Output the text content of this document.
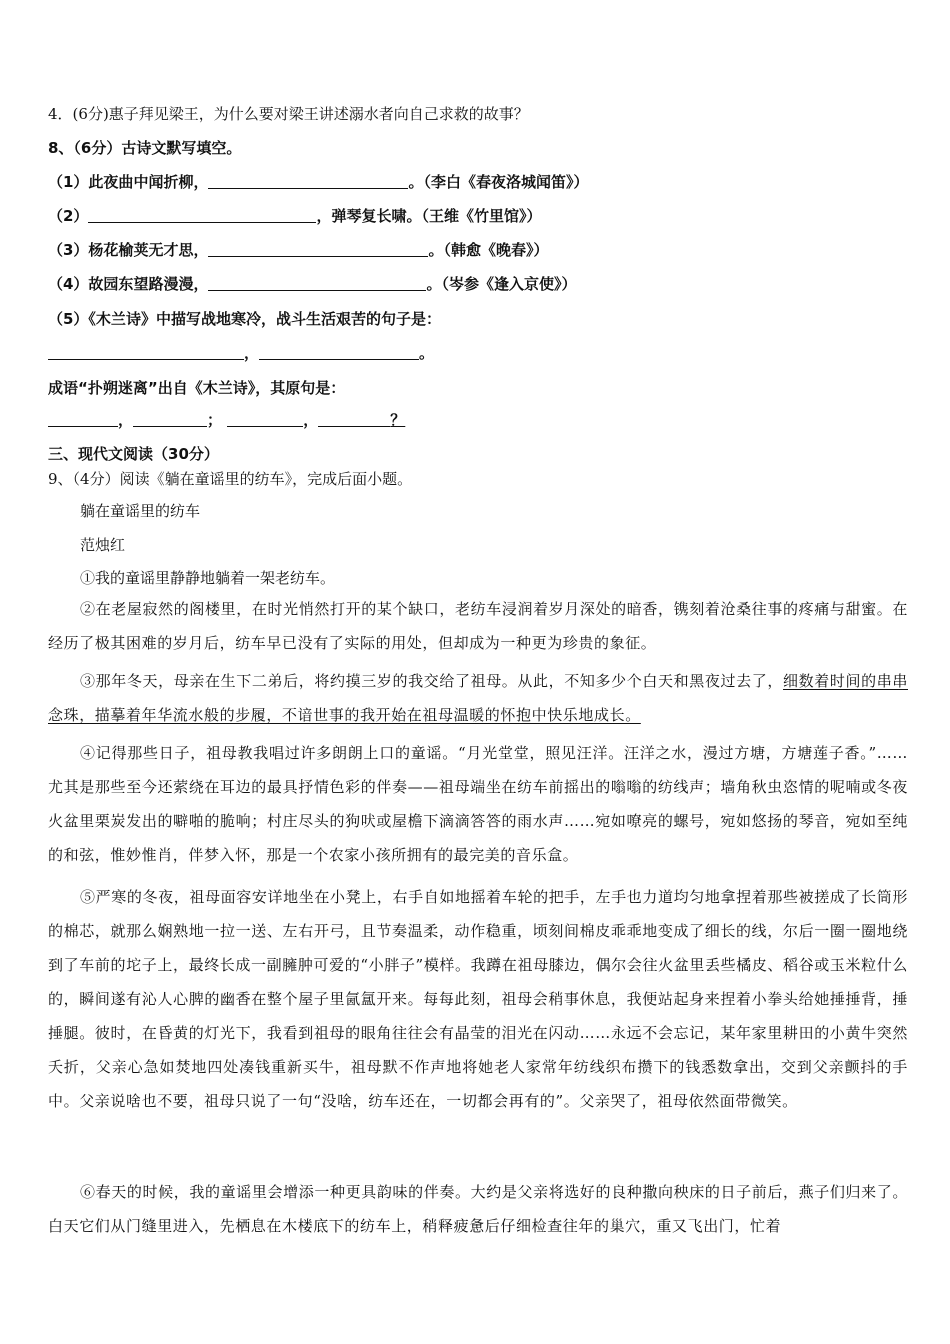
4．(6分)惠子拜见梁王，为什么要对梁王讲述溺水者向自己求救的故事？
8、（6分）古诗文默写填空。
（1）此夜曲中闻折柳，	。（李白《春夜洛城闻笛》）
（2）	，弹琴复长啸。（王维《竹里馆》）
（3）杨花榆荚无才思，	。（韩愈《晚春》）
（4）故园东望路漫漫，	。（岑参《逢入京使》）
（5）《木兰诗》中描写战地寒冷，战斗生活艰苦的句子是：
，	。
成语“扑朔迷离”出自《木兰诗》，其原句是：
，	；	，	？
三、现代文阅读（30分）
9、（4分）阅读《躺在童谣里的纺车》，完成后面小题。
躺在童谣里的纺车
范烛红
①我的童谣里静静地躺着一架老纺车。
②在老屋寂然的阁楼里，在时光悄然打开的某个缺口，老纺车浸润着岁月深处的暗香，镌刻着沧桑往事的疼痛与甜蜜。在经历了极其困难的岁月后，纺车早已没有了实际的用处，但却成为一种更为珍贵的象征。
③那年冬天，母亲在生下二弟后，将约摸三岁的我交给了祖母。从此，不知多少个白天和黑夜过去了，细数着时间的串串念珠，描摹着年华流水般的步履，不谙世事的我开始在祖母温暖的怀抱中快乐地成长。
④记得那些日子，祖母教我唱过许多朗朗上口的童谣。“月光堂堂，照见汪洋。汪洋之水，漫过方塘，方塘莲子香。”……尤其是那些至今还萦绕在耳边的最具抒情色彩的伴奏——祖母端坐在纺车前摇出的嗡嗡的纺线声；墙角秋虫恣情的呢喃或冬夜火盆里栗炭发出的噼啪的脆响；村庄尽头的狗吠或屋檐下滴滴答答的雨水声……宛如嘹亮的螺号，宛如悠扬的琴音，宛如至纯的和弦，惟妙惟肖，伴梦入怀，那是一个农家小孩所拥有的最完美的音乐盒。
⑤严寒的冬夜，祖母面容安详地坐在小凳上，右手自如地摇着车轮的把手，左手也力道均匀地拿捏着那些被搓成了长筒形的棉芯，就那么娴熟地一拉一送、左右开弓，且节奏温柔，动作稳重，顷刻间棉皮乖乖地变成了细长的线，尔后一圈一圈地绕到了车前的坨子上，最终长成一副臃肿可爱的“小胖子”模样。我蹲在祖母膝边，偶尔会往火盆里丢些橘皮、稻谷或玉米粒什么的，瞬间遂有沁人心脾的幽香在整个屋子里氤氲开来。每每此刻，祖母会稍事休息，我便站起身来捏着小拳头给她捶捶背，捶捶腿。彼时，在昏黄的灯光下，我看到祖母的眼角往往会有晶莹的泪光在闪动……永远不会忘记，某年家里耕田的小黄牛突然夭折，父亲心急如焚地四处凑钱重新买牛，祖母默不作声地将她老人家常年纺线织布攒下的钱悉数拿出，交到父亲颤抖的手中。父亲说啥也不要，祖母只说了一句“没啥，纺车还在，一切都会再有的”。父亲哭了，祖母依然面带微笑。
⑥春天的时候，我的童谣里会增添一种更具韵味的伴奏。大约是父亲将选好的良种撒向秧床的日子前后，燕子们归来了。白天它们从门缝里进入，先栖息在木楼底下的纺车上，稍释疲惫后仔细检查往年的巢穴，重又飞出门，忙着
